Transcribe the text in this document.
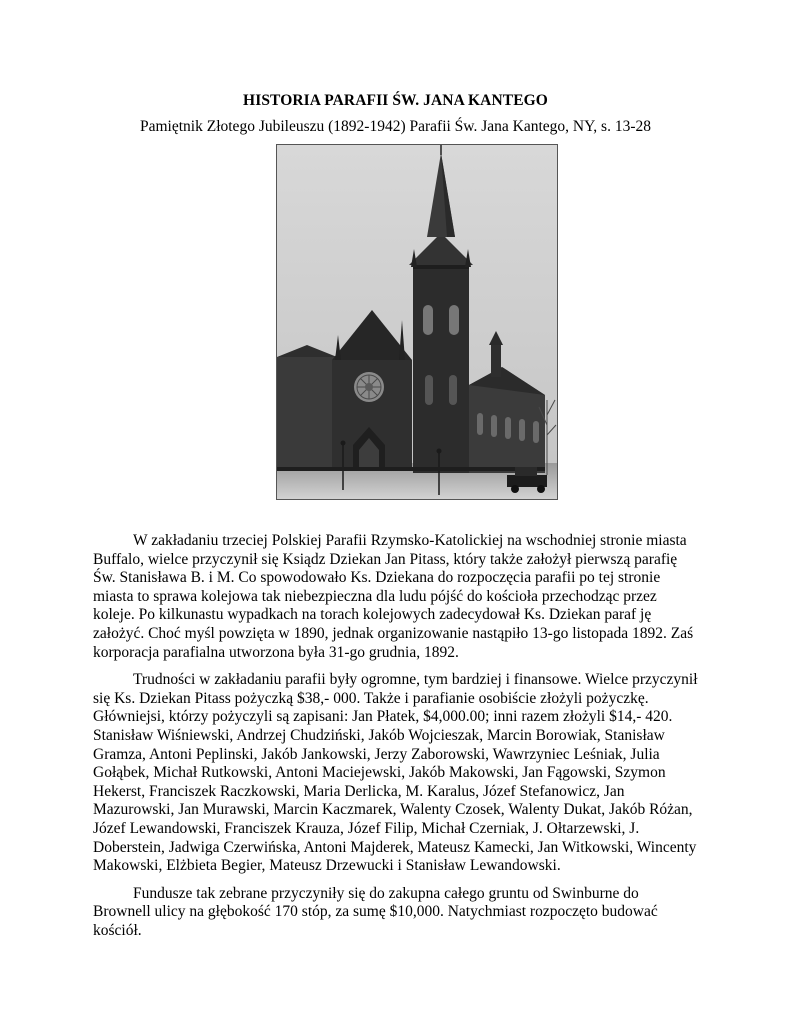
HISTORIA PARAFII ŚW. JANA KANTEGO
Pamiętnik Złotego Jubileuszu (1892-1942) Parafii Św. Jana Kantego, NY, s. 13-28

W zakładaniu trzeciej Polskiej Parafii Rzymsko-Katolickiej na wschodniej stronie miasta Buffalo, wielce przyczynił się Ksiądz Dziekan Jan Pitass, który także założył pierwszą parafię Św. Stanisława B. i M. Co spowodowało Ks. Dziekana do rozpoczęcia parafii po tej stronie miasta to sprawa kolejowa tak niebezpieczna dla ludu pójść do kościoła przechodząc przez koleje. Po kilkunastu wypadkach na torach kolejowych zadecydował Ks. Dziekan paraf ję założyć. Choć myśl powzięta w 1890, jednak organizowanie nastąpiło 13-go listopada 1892. Zaś korporacja parafialna utworzona była 31-go grudnia, 1892.

Trudności w zakładaniu parafii były ogromne, tym bardziej i finansowe. Wielce przyczynił się Ks. Dziekan Pitass pożyczką $38,- 000. Także i parafianie osobiście złożyli pożyczkę. Główniejsi, którzy pożyczyli są zapisani: Jan Płatek, $4,000.00; inni razem złożyli $14,- 420. Stanisław Wiśniewski, Andrzej Chudziński, Jakób Wojcieszak, Marcin Borowiak, Stanisław Gramza, Antoni Peplinski, Jakób Jankowski, Jerzy Zaborowski, Wawrzyniec Leśniak, Julia Gołąbek, Michał Rutkowski, Antoni Maciejewski, Jakób Makowski, Jan Fągowski, Szymon Hekerst, Franciszek Raczkowski, Maria Derlicka, M. Karalus, Józef Stefanowicz, Jan Mazurowski, Jan Murawski, Marcin Kaczmarek, Walenty Czosek, Walenty Dukat, Jakób Różan, Józef Lewandowski, Franciszek Krauza, Józef Filip, Michał Czerniak, J. Ołtarzewski, J. Doberstein, Jadwiga Czerwińska, Antoni Majderek, Mateusz Kamecki, Jan Witkowski, Wincenty Makowski, Elżbieta Begier, Mateusz Drzewucki i Stanisław Lewandowski.

Fundusze tak zebrane przyczyniły się do zakupna całego gruntu od Swinburne do Brownell ulicy na głębokość 170 stóp, za sumę $10,000. Natychmiast rozpoczęto budować kościół.
